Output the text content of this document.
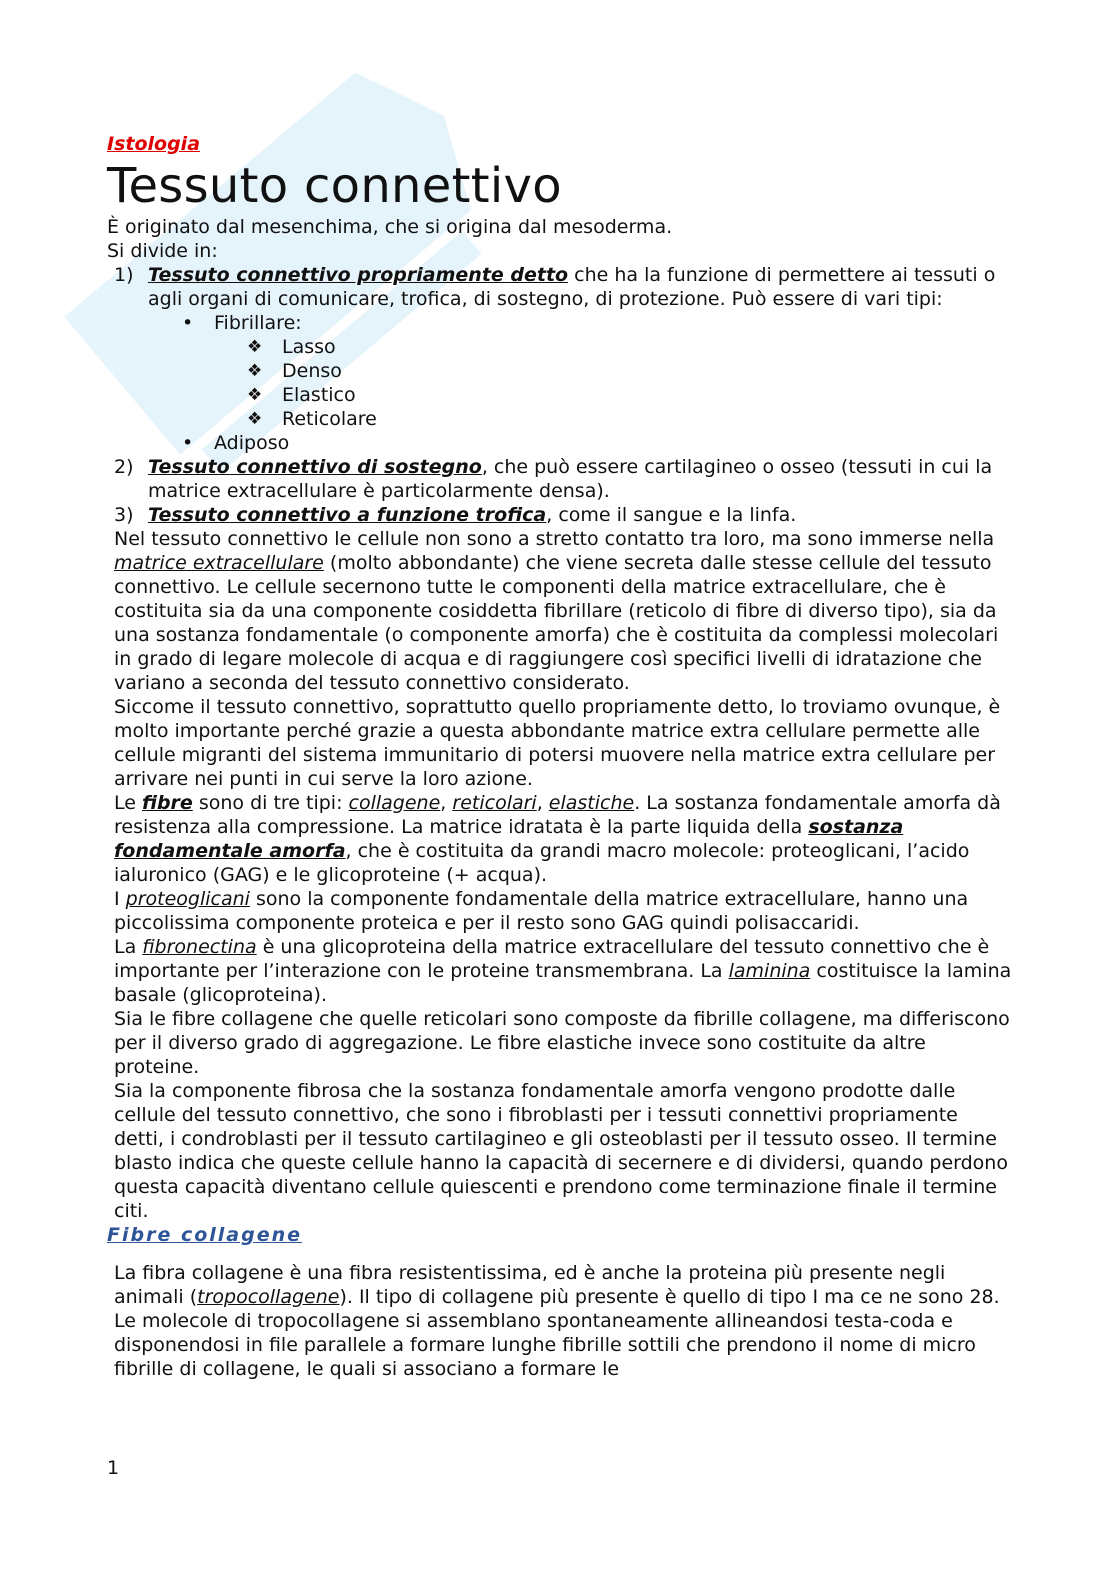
Istologia
Tessuto connettivo

È originato dal mesenchima, che si origina dal mesoderma.

Si divide in:

1) Tessuto connettivo propriamente detto che ha la funzione di permettere ai tessuti o agli organi di comunicare, trofica, di sostegno, di protezione. Può essere di vari tipi:
• Fibrillare:
❖ Lasso
❖ Denso
❖ Elastico
❖ Reticolare
• Adiposo
2) Tessuto connettivo di sostegno, che può essere cartilagineo o osseo (tessuti in cui la matrice extracellulare è particolarmente densa).
3) Tessuto connettivo a funzione trofica, come il sangue e la linfa.

Nel tessuto connettivo le cellule non sono a stretto contatto tra loro, ma sono immerse nella matrice extracellulare (molto abbondante) che viene secreta dalle stesse cellule del tessuto connettivo. Le cellule secernono tutte le componenti della matrice extracellulare, che è costituita sia da una componente cosiddetta fibrillare (reticolo di fibre di diverso tipo), sia da una sostanza fondamentale (o componente amorfa) che è costituita da complessi molecolari in grado di legare molecole di acqua e di raggiungere così specifici livelli di idratazione che variano a seconda del tessuto connettivo considerato.

Siccome il tessuto connettivo, soprattutto quello propriamente detto, lo troviamo ovunque, è molto importante perché grazie a questa abbondante matrice extra cellulare permette alle cellule migranti del sistema immunitario di potersi muovere nella matrice extra cellulare per arrivare nei punti in cui serve la loro azione.

Le fibre sono di tre tipi: collagene, reticolari, elastiche. La sostanza fondamentale amorfa dà resistenza alla compressione. La matrice idratata è la parte liquida della sostanza fondamentale amorfa, che è costituita da grandi macro molecole: proteoglicani, l’acido ialuronico (GAG) e le glicoproteine (+ acqua).

I proteoglicani sono la componente fondamentale della matrice extracellulare, hanno una piccolissima componente proteica e per il resto sono GAG quindi polisaccaridi.

La fibronectina è una glicoproteina della matrice extracellulare del tessuto connettivo che è importante per l’interazione con le proteine transmembrana. La laminina costituisce la lamina basale (glicoproteina).

Sia le fibre collagene che quelle reticolari sono composte da fibrille collagene, ma differiscono per il diverso grado di aggregazione. Le fibre elastiche invece sono costituite da altre proteine.

Sia la componente fibrosa che la sostanza fondamentale amorfa vengono prodotte dalle cellule del tessuto connettivo, che sono i fibroblasti per i tessuti connettivi propriamente detti, i condroblasti per il tessuto cartilagineo e gli osteoblasti per il tessuto osseo. Il termine blasto indica che queste cellule hanno la capacità di secernere e di dividersi, quando perdono questa capacità diventano cellule quiescenti e prendono come terminazione finale il termine citi.

Fibre collagene

La fibra collagene è una fibra resistentissima, ed è anche la proteina più presente negli animali (tropocollagene). Il tipo di collagene più presente è quello di tipo I ma ce ne sono 28. Le molecole di tropocollagene si assemblano spontaneamente allineandosi testa-coda e disponendosi in file parallele a formare lunghe fibrille sottili che prendono il nome di micro fibrille di collagene, le quali si associano a formare le

1
